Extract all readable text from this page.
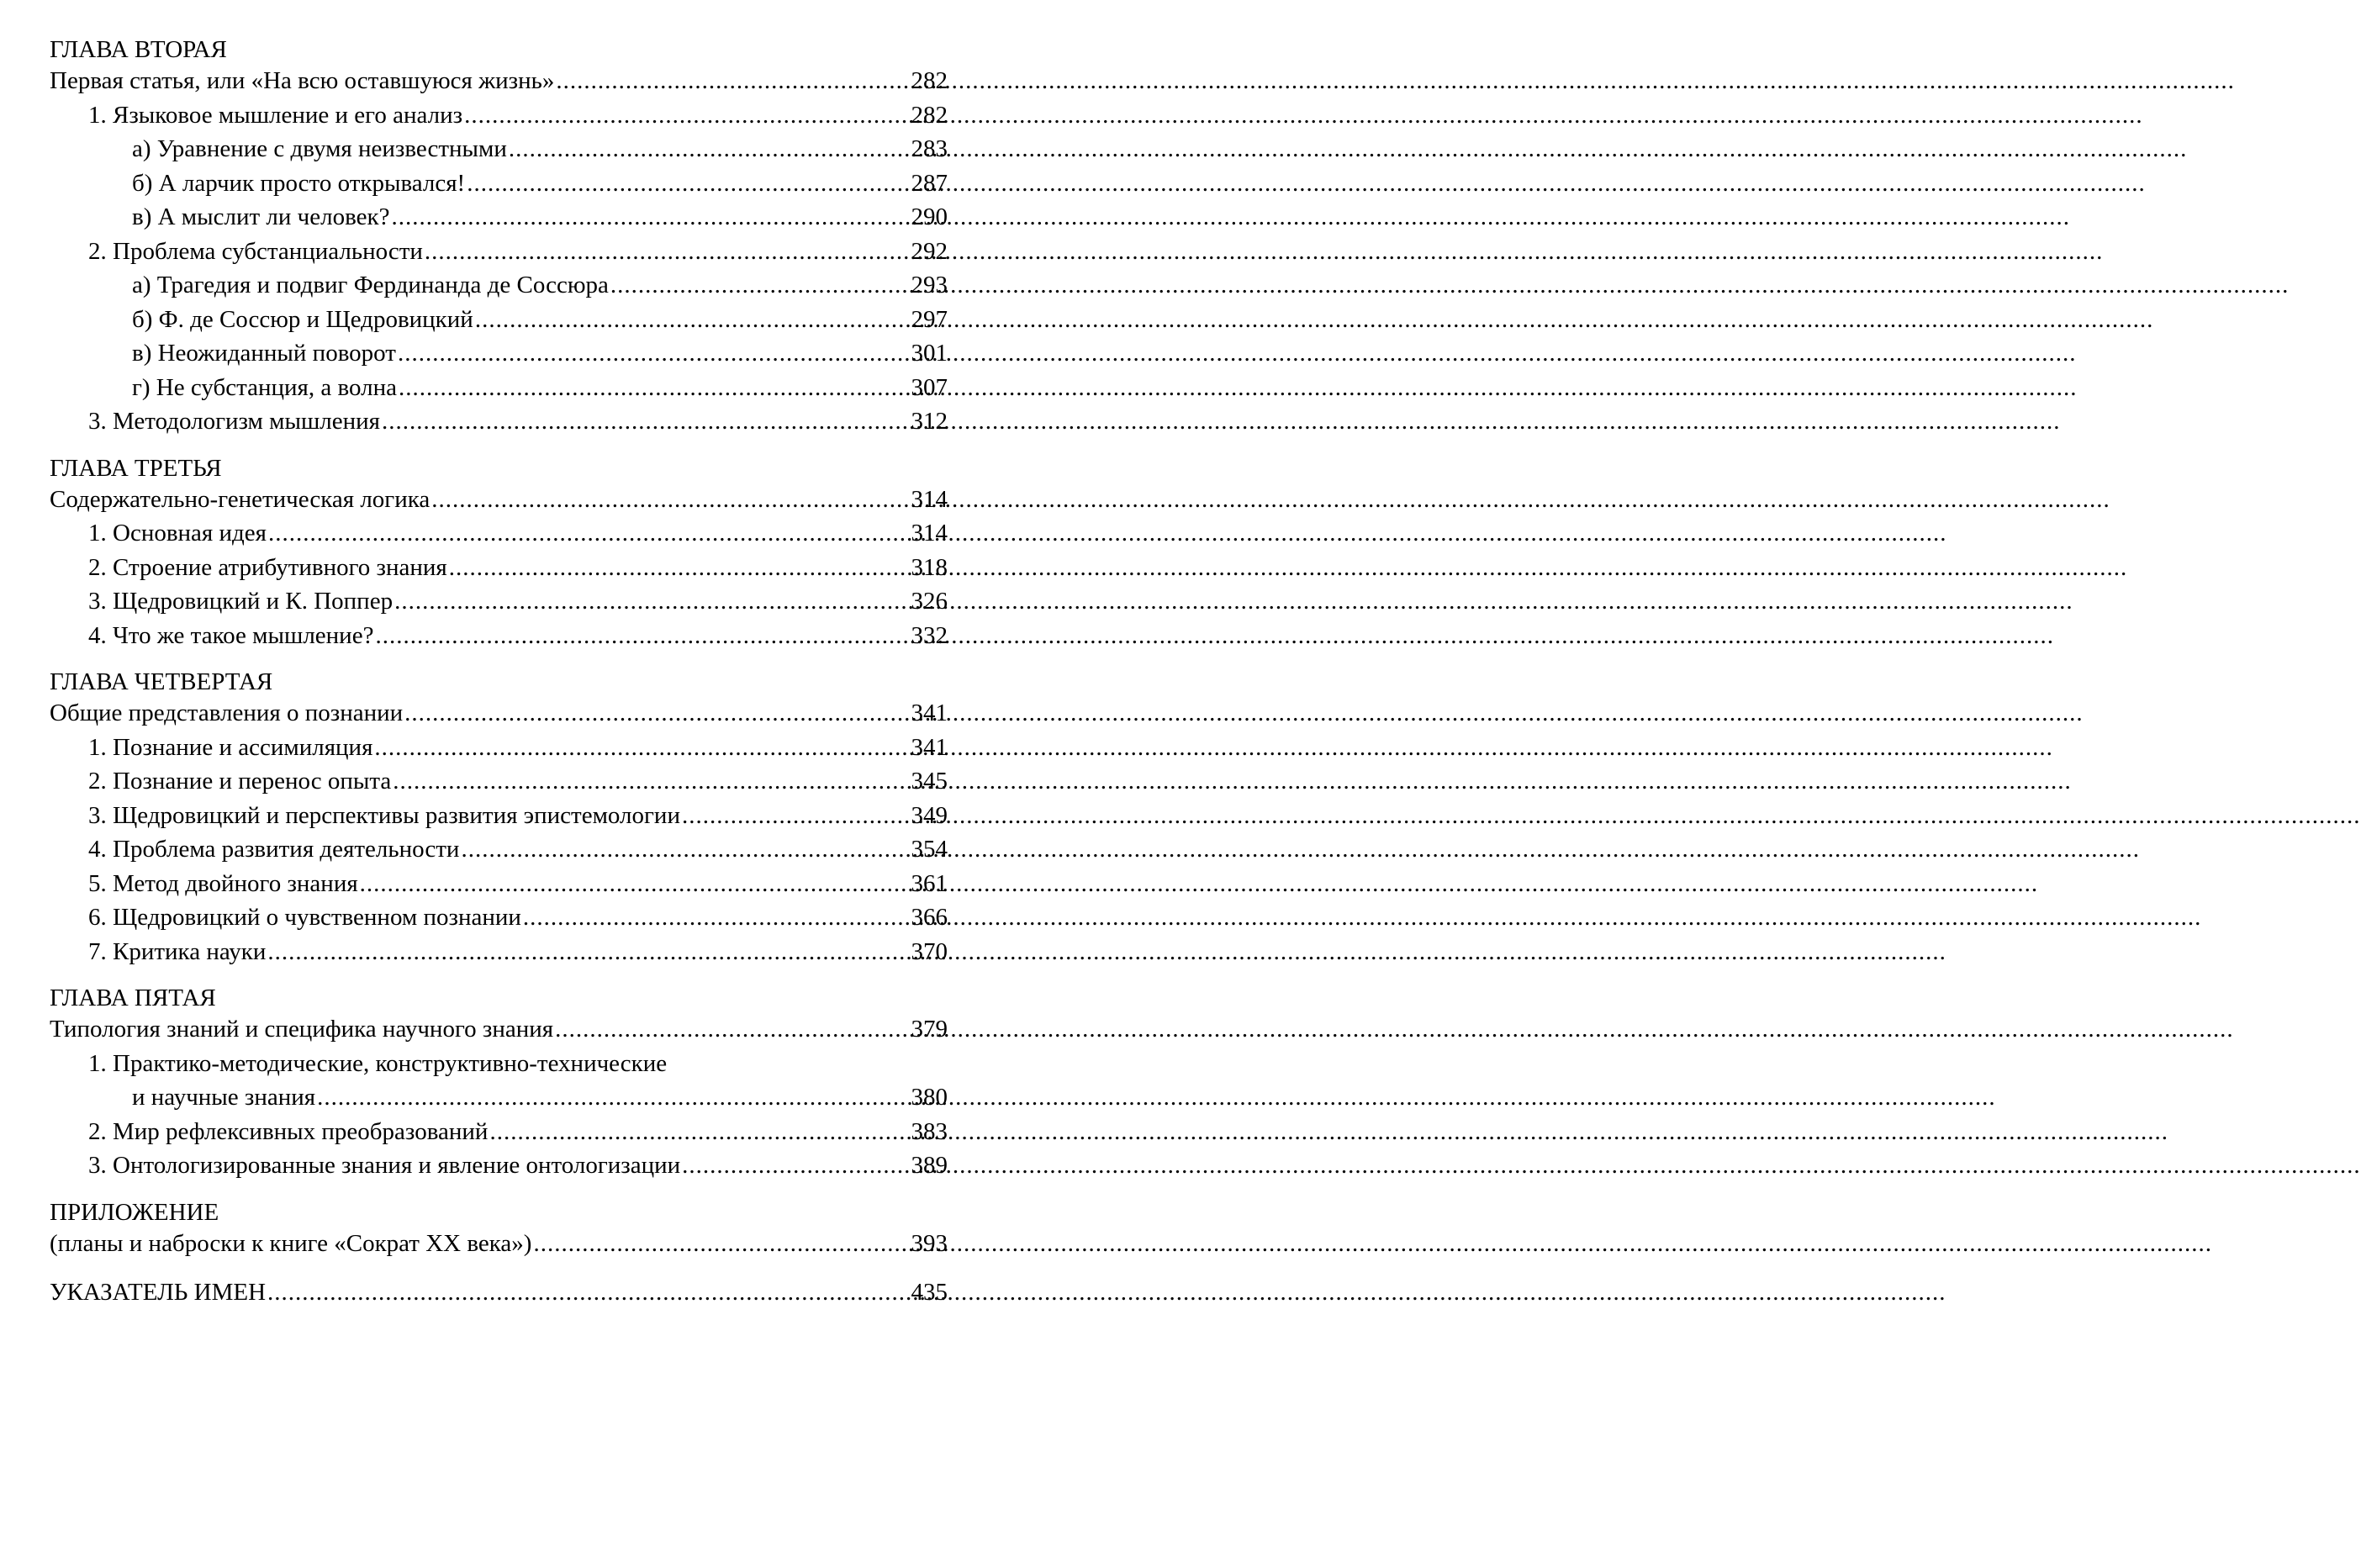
ГЛАВА ВТОРАЯ
Первая статья, или «На всю оставшуюся жизнь» .....	282
1. Языковое мышление и его анализ .....	282
а) Уравнение с двумя неизвестными .....	283
б) А ларчик просто открывался! .....	287
в) А мыслит ли человек? .....	290
2. Проблема субстанциальности .....	292
а) Трагедия и подвиг Фердинанда де Соссюра .....	293
б) Ф. де Соссюр и Щедровицкий .....	297
в) Неожиданный поворот .....	301
г) Не субстанция, а волна .....	307
3. Методологизм мышления .....	312
ГЛАВА ТРЕТЬЯ
Содержательно-генетическая логика .....	314
1. Основная идея .....	314
2. Строение атрибутивного знания .....	318
3. Щедровицкий и К. Поппер .....	326
4. Что же такое мышление? .....	332
ГЛАВА ЧЕТВЕРТАЯ
Общие представления о познании .....	341
1. Познание и ассимиляция .....	341
2. Познание и перенос опыта .....	345
3. Щедровицкий и перспективы развития эпистемологии .....	349
4. Проблема развития деятельности .....	354
5. Метод двойного знания .....	361
6. Щедровицкий о чувственном познании .....	366
7. Критика науки .....	370
ГЛАВА ПЯТАЯ
Типология знаний и специфика научного знания .....	379
1. Практико-методические, конструктивно-технические
и научные знания .....	380
2. Мир рефлексивных преобразований .....	383
3. Онтологизированные знания и явление онтологизации .....	389
ПРИЛОЖЕНИЕ
(планы и наброски к книге «Сократ XX века») .....	393
УКАЗАТЕЛЬ ИМЕН .....	435
